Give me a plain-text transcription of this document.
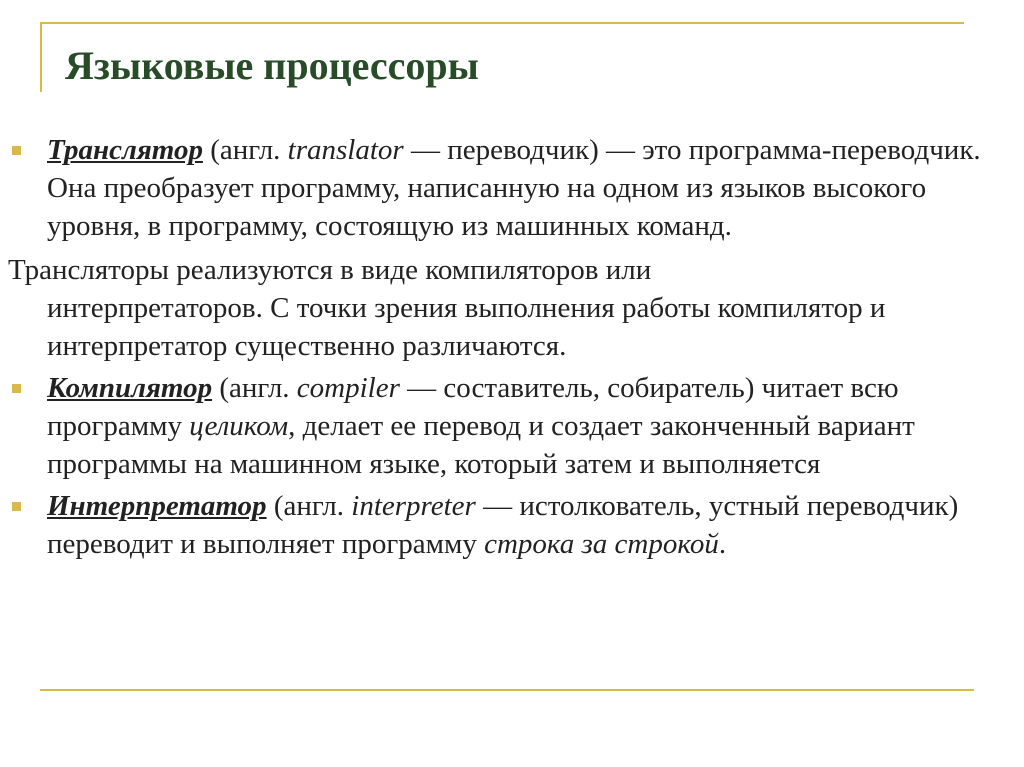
Языковые процессоры

Транслятор (англ. translator — переводчик) — это программа-переводчик. Она преобразует программу, написанную на одном из языков высокого уровня, в программу, состоящую из машинных команд.

Трансляторы реализуются в виде компиляторов или
интерпретаторов. С точки зрения выполнения работы компилятор и интерпретатор существенно различаются.

Компилятор (англ. compiler — составитель, собиратель) читает всю программу целиком, делает ее перевод и создает законченный вариант программы на машинном языке, который затем и выполняется

Интерпретатор (англ. interpreter — истолкователь, устный переводчик) переводит и выполняет программу строка за строкой.
